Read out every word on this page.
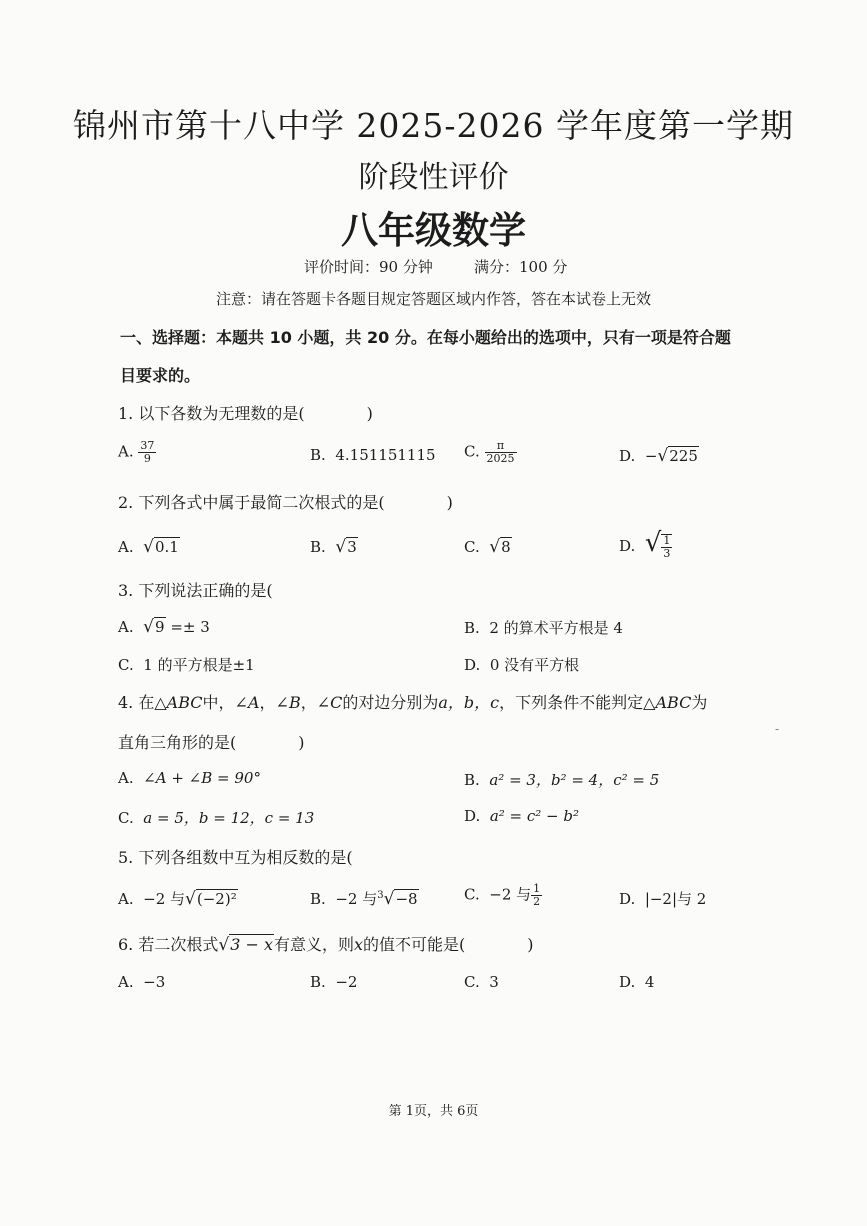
锦州市第十八中学 2025-2026 学年度第一学期
阶段性评价
八年级数学
评价时间：90 分钟	满分：100 分
注意：请在答题卡各题目规定答题区域内作答，答在本试卷上无效
一、选择题：本题共 10 小题，共 20 分。在每小题给出的选项中，只有一项是符合题
目要求的。
1. 以下各数为无理数的是(	)
A. $\frac{37}{9}$	B. 4.151151115 C. $\frac{\pi}{2025}$	D. −√225
2. 下列各式中属于最简二次根式的是(	)
A. √0.1	B. √3	C. √8	D. √ $\frac{1}{3}$
3. 下列说法正确的是(
A. √9 =± 3	B. 2 的算术平方根是 4
C. 1 的平方根是±1	D. 0 没有平方根
4. 在△ABC中，∠A，∠B，∠C的对边分别为a，b，c，下列条件不能判定△ABC为
-
直角三角形的是(	)
A. ∠A + ∠B = 90°	B. a² = 3，b² = 4，c² = 5
C. a = 5，b = 12，c = 13	D. a² = c² − b²
5. 下列各组数中互为相反数的是(
A. −2 与√(−2)²	B. −2 与$^3$√−8	C. −2 与 $\frac{1}{2}$	D. |−2|与 2
6. 若二次根式√3 − x有意义，则x的值不可能是(	)
A. −3	B. −2	C. 3	D. 4
第 1页，共 6页
